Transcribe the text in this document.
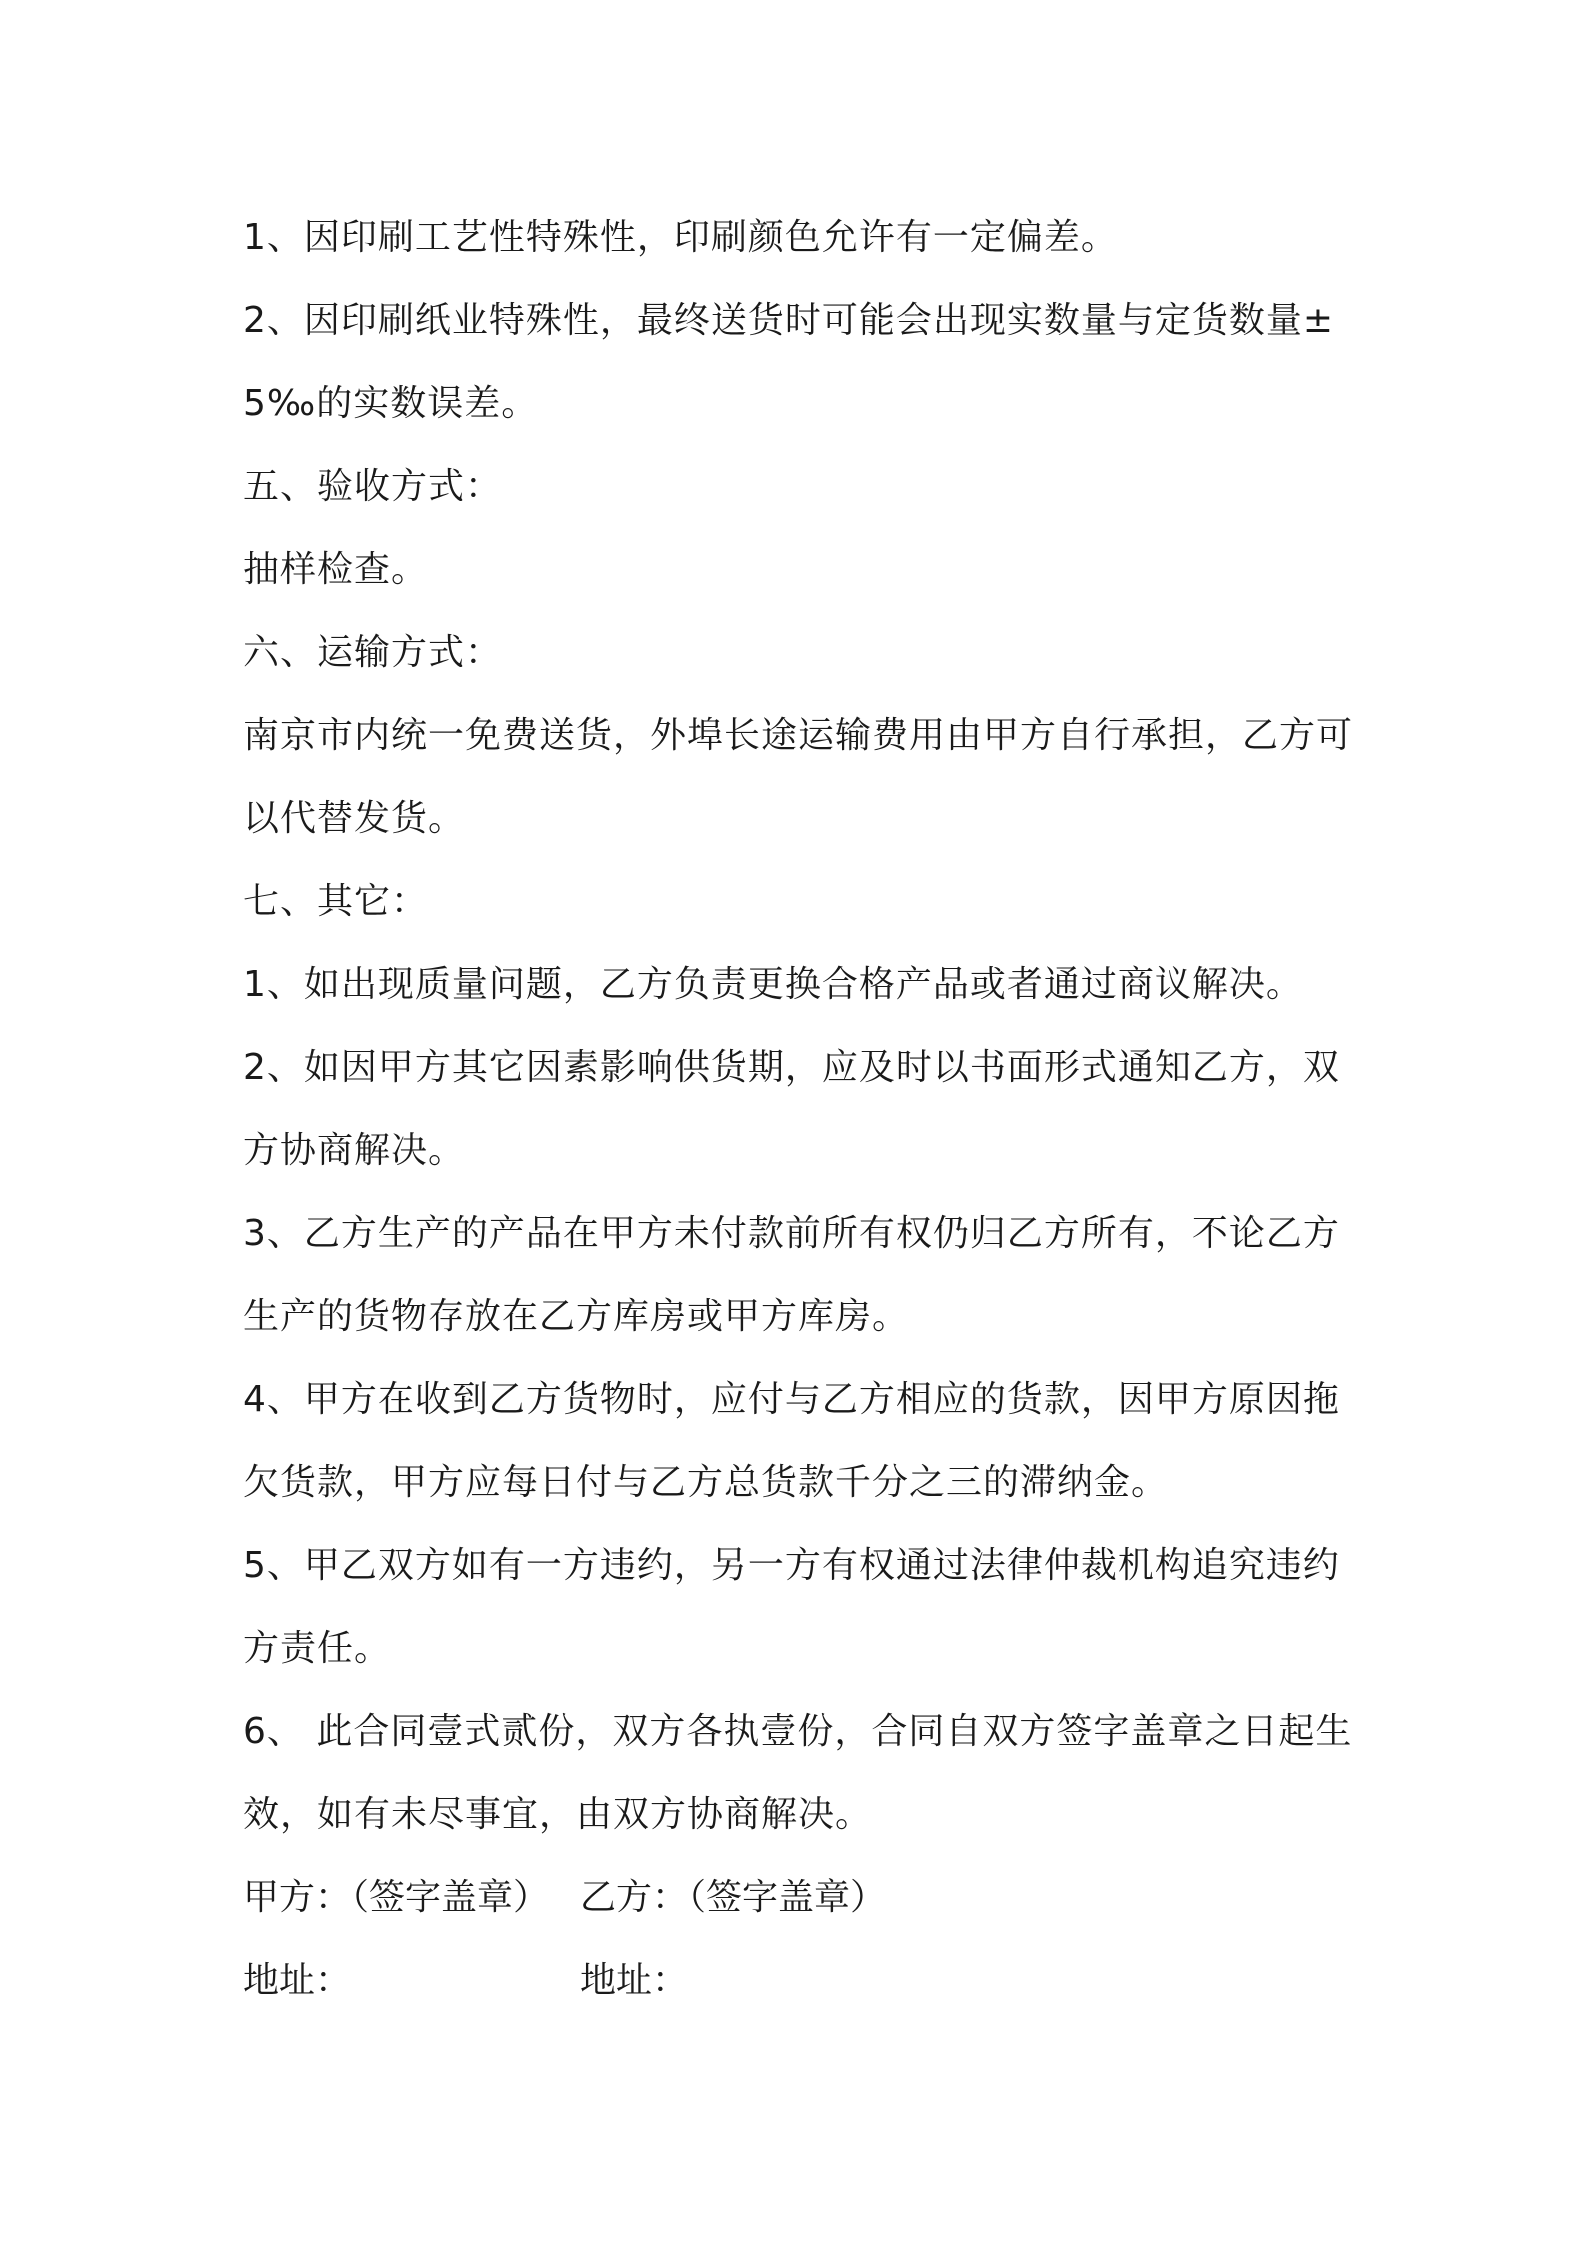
1、因印刷工艺性特殊性，印刷颜色允许有一定偏差。
2、因印刷纸业特殊性，最终送货时可能会出现实数量与定货数量±
5‰的实数误差。
五、验收方式：
抽样检查。
六、运输方式：
南京市内统一免费送货，外埠长途运输费用由甲方自行承担，乙方可
以代替发货。
七、其它：
1、如出现质量问题，乙方负责更换合格产品或者通过商议解决。
2、如因甲方其它因素影响供货期，应及时以书面形式通知乙方，双
方协商解决。
3、乙方生产的产品在甲方未付款前所有权仍归乙方所有，不论乙方
生产的货物存放在乙方库房或甲方库房。
4、甲方在收到乙方货物时，应付与乙方相应的货款，因甲方原因拖
欠货款，甲方应每日付与乙方总货款千分之三的滞纳金。
5、甲乙双方如有一方违约，另一方有权通过法律仲裁机构追究违约
方责任。
6、 此合同壹式贰份，双方各执壹份，合同自双方签字盖章之日起生
效，如有未尽事宜，由双方协商解决。
甲方：（签字盖章） 乙方：（签字盖章）
地址：	地址：
